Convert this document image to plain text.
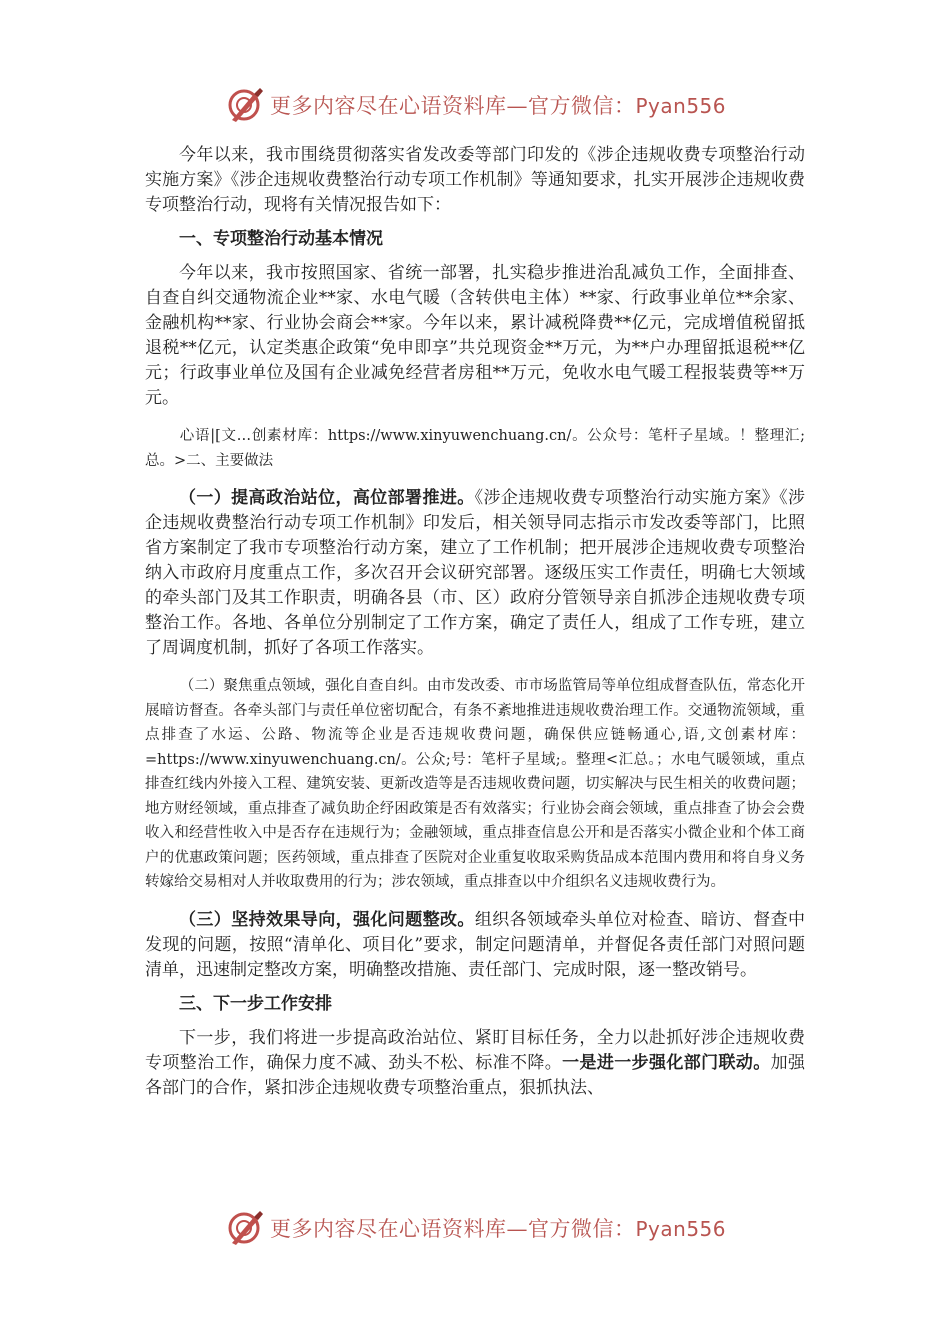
更多内容尽在心语资料库—官方微信：Pyan556

今年以来，我市围绕贯彻落实省发改委等部门印发的《涉企违规收费专项整治行动实施方案》《涉企违规收费整治行动专项工作机制》等通知要求，扎实开展涉企违规收费专项整治行动，现将有关情况报告如下：

一、专项整治行动基本情况

今年以来，我市按照国家、省统一部署，扎实稳步推进治乱减负工作，全面排查、自查自纠交通物流企业**家、水电气暖（含转供电主体）**家、行政事业单位**余家、金融机构**家、行业协会商会**家。今年以来，累计减税降费**亿元，完成增值税留抵退税**亿元，认定类惠企政策“免申即享”共兑现资金**万元，为**户办理留抵退税**亿元；行政事业单位及国有企业减免经营者房租**万元，免收水电气暖工程报装费等**万元。

心语|[文…创素材库：https://www.xinyuwenchuang.cn/。公众号：笔杆子星域。！整理汇;总。>二、主要做法

（一）提高政治站位，高位部署推进。《涉企违规收费专项整治行动实施方案》《涉企违规收费整治行动专项工作机制》印发后，相关领导同志指示市发改委等部门，比照省方案制定了我市专项整治行动方案，建立了工作机制；把开展涉企违规收费专项整治纳入市政府月度重点工作，多次召开会议研究部署。逐级压实工作责任，明确七大领域的牵头部门及其工作职责，明确各县（市、区）政府分管领导亲自抓涉企违规收费专项整治工作。各地、各单位分别制定了工作方案，确定了责任人，组成了工作专班，建立了周调度机制，抓好了各项工作落实。

（二）聚焦重点领域，强化自查自纠。由市发改委、市市场监管局等单位组成督查队伍，常态化开展暗访督查。各牵头部门与责任单位密切配合，有条不紊地推进违规收费治理工作。交通物流领域，重点排查了水运、公路、物流等企业是否违规收费问题，确保供应链畅通心,语,文创素材库：=https://www.xinyuwenchuang.cn/。公众;号：笔杆子星域;。整理<汇总。；水电气暖领域，重点排查红线内外接入工程、建筑安装、更新改造等是否违规收费问题，切实解决与民生相关的收费问题；地方财经领域，重点排查了减负助企纾困政策是否有效落实；行业协会商会领域，重点排查了协会会费收入和经营性收入中是否存在违规行为；金融领域，重点排查信息公开和是否落实小微企业和个体工商户的优惠政策问题；医药领域，重点排查了医院对企业重复收取采购货品成本范围内费用和将自身义务转嫁给交易相对人并收取费用的行为；涉农领域，重点排查以中介组织名义违规收费行为。

（三）坚持效果导向，强化问题整改。组织各领域牵头单位对检查、暗访、督查中发现的问题，按照“清单化、项目化”要求，制定问题清单，并督促各责任部门对照问题清单，迅速制定整改方案，明确整改措施、责任部门、完成时限，逐一整改销号。

三、下一步工作安排

下一步，我们将进一步提高政治站位、紧盯目标任务，全力以赴抓好涉企违规收费专项整治工作，确保力度不减、劲头不松、标准不降。一是进一步强化部门联动。加强各部门的合作，紧扣涉企违规收费专项整治重点，狠抓执法、

更多内容尽在心语资料库—官方微信：Pyan556
